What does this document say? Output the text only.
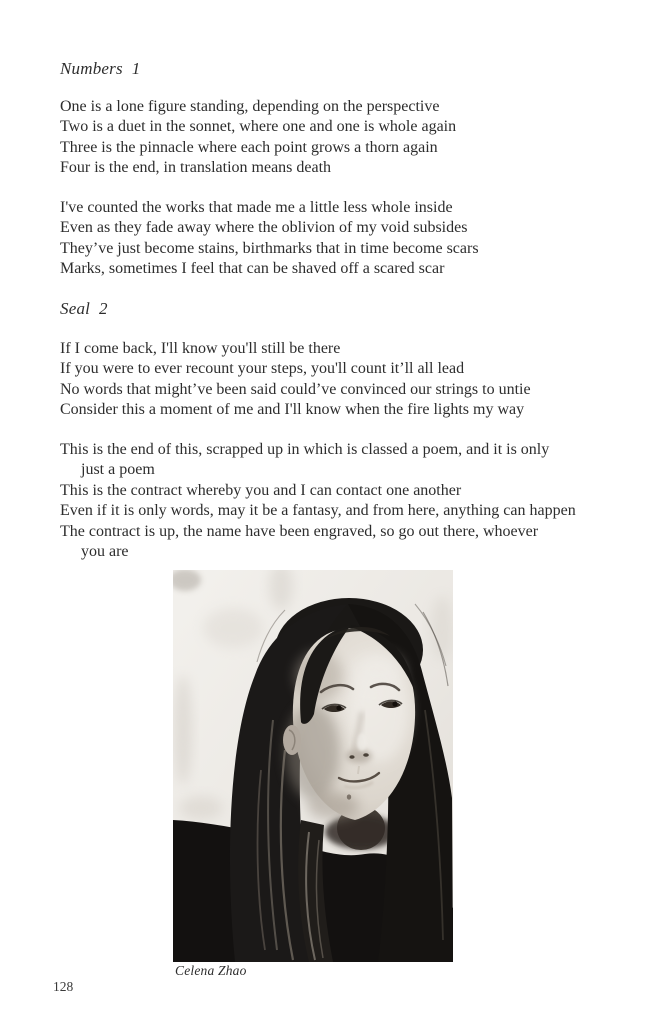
Numbers  1
One is a lone figure standing, depending on the perspective
Two is a duet in the sonnet, where one and one is whole again
Three is the pinnacle where each point grows a thorn again
Four is the end, in translation means death
I've counted the works that made me a little less whole inside
Even as they fade away where the oblivion of my void subsides
They’ve just become stains, birthmarks that in time become scars
Marks, sometimes I feel that can be shaved off a scared scar
Seal  2
If I come back, I'll know you'll still be there
If you were to ever recount your steps, you'll count it’ll all lead
No words that might’ve been said could’ve convinced our strings to untie
Consider this a moment of me and I'll know when the fire lights my way
This is the end of this, scrapped up in which is classed a poem, and it is only
just a poem
This is the contract whereby you and I can contact one another
Even if it is only words, may it be a fantasy, and from here, anything can happen
The contract is up, the name have been engraved, so go out there, whoever
you are
Celena Zhao
128
